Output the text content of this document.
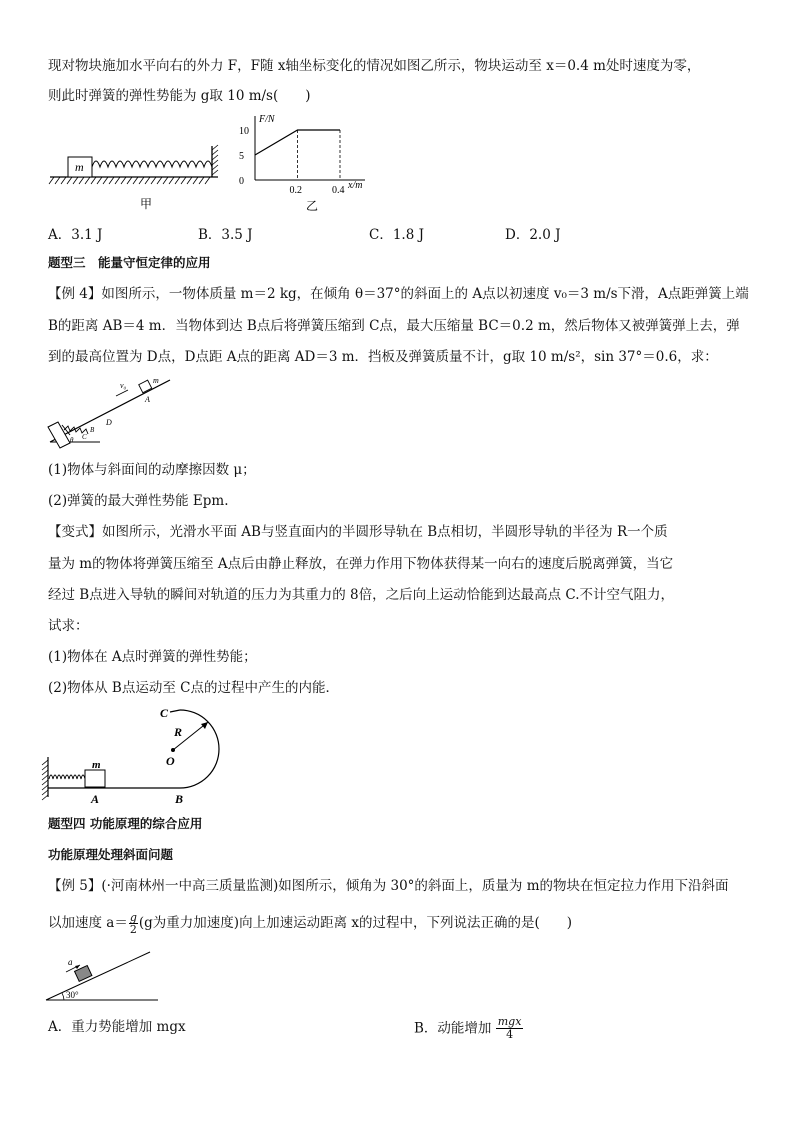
现对物块施加水平向右的外力 F，F随 x轴坐标变化的情况如图乙所示，物块运动至 x＝0.4 m处时速度为零，
则此时弹簧的弹性势能为 g取 10 m/s(　　)
m
甲
F/N
x/m
10
5
0
0.2	0.4
乙
A．3.1 J	B．3.5 J	C．1.8 J	D．2.0 J
题型三　能量守恒定律的应用
【例 4】如图所示，一物体质量 m＝2 kg，在倾角 θ＝37°的斜面上的 A点以初速度 v₀＝3 m/s下滑，A点距弹簧上端
B的距离 AB＝4 m．当物体到达 B点后将弹簧压缩到 C点，最大压缩量 BC＝0.2 m，然后物体又被弹簧弹上去，弹
到的最高位置为 D点，D点距 A点的距离 AD＝3 m．挡板及弹簧质量不计，g取 10 m/s²，sin 37°＝0.6，求：
v₀
m
A
D
B
C
θ
(1)物体与斜面间的动摩擦因数 μ；
(2)弹簧的最大弹性势能 Epm.
【变式】如图所示，光滑水平面 AB与竖直面内的半圆形导轨在 B点相切，半圆形导轨的半径为 R一个质
量为 m的物体将弹簧压缩至 A点后由静止释放，在弹力作用下物体获得某一向右的速度后脱离弹簧，当它
经过 B点进入导轨的瞬间对轨道的压力为其重力的 8倍，之后向上运动恰能到达最高点 C.不计空气阻力，
试求：
(1)物体在 A点时弹簧的弹性势能；
(2)物体从 B点运动至 C点的过程中产生的内能．
m
C
R
O
A	B
题型四 功能原理的综合应用
功能原理处理斜面问题
【例 5】(·河南林州一中高三质量监测)如图所示，倾角为 30°的斜面上，质量为 m的物块在恒定拉力作用下沿斜面
以加速度 $a= \frac{g}{2} (g$为重力加速度)向上加速运动距离 x的过程中，下列说法正确的是(　　)
a
30°
A．重力势能增加 mgx	B．动能增加 mgx
4
